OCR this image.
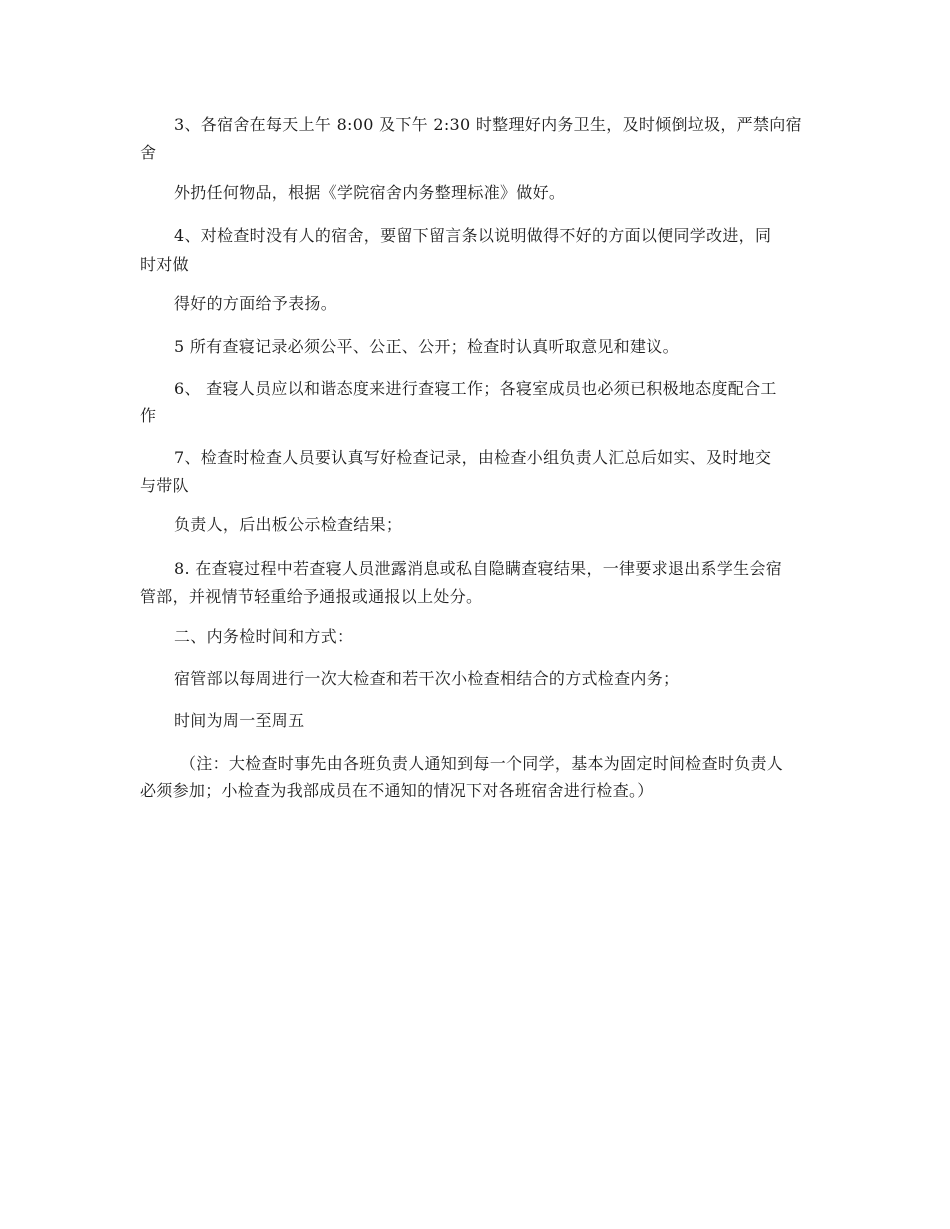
3、各宿舍在每天上午 8:00 及下午 2:30 时整理好内务卫生，及时倾倒垃圾，严禁向宿
舍
外扔任何物品，根据《学院宿舍内务整理标准》做好。
4、对检查时没有人的宿舍，要留下留言条以说明做得不好的方面以便同学改进，同
时对做
得好的方面给予表扬。
5 所有查寝记录必须公平、公正、公开；检查时认真听取意见和建议。
6、 查寝人员应以和谐态度来进行查寝工作；各寝室成员也必须已积极地态度配合工
作
7、检查时检查人员要认真写好检查记录，由检查小组负责人汇总后如实、及时地交
与带队
负责人，后出板公示检查结果；
8. 在查寝过程中若查寝人员泄露消息或私自隐瞒查寝结果，一律要求退出系学生会宿
管部，并视情节轻重给予通报或通报以上处分。
二、内务检时间和方式：
宿管部以每周进行一次大检查和若干次小检查相结合的方式检查内务；
时间为周一至周五
（注：大检查时事先由各班负责人通知到每一个同学，基本为固定时间检查时负责人
必须参加；小检查为我部成员在不通知的情况下对各班宿舍进行检查。）
